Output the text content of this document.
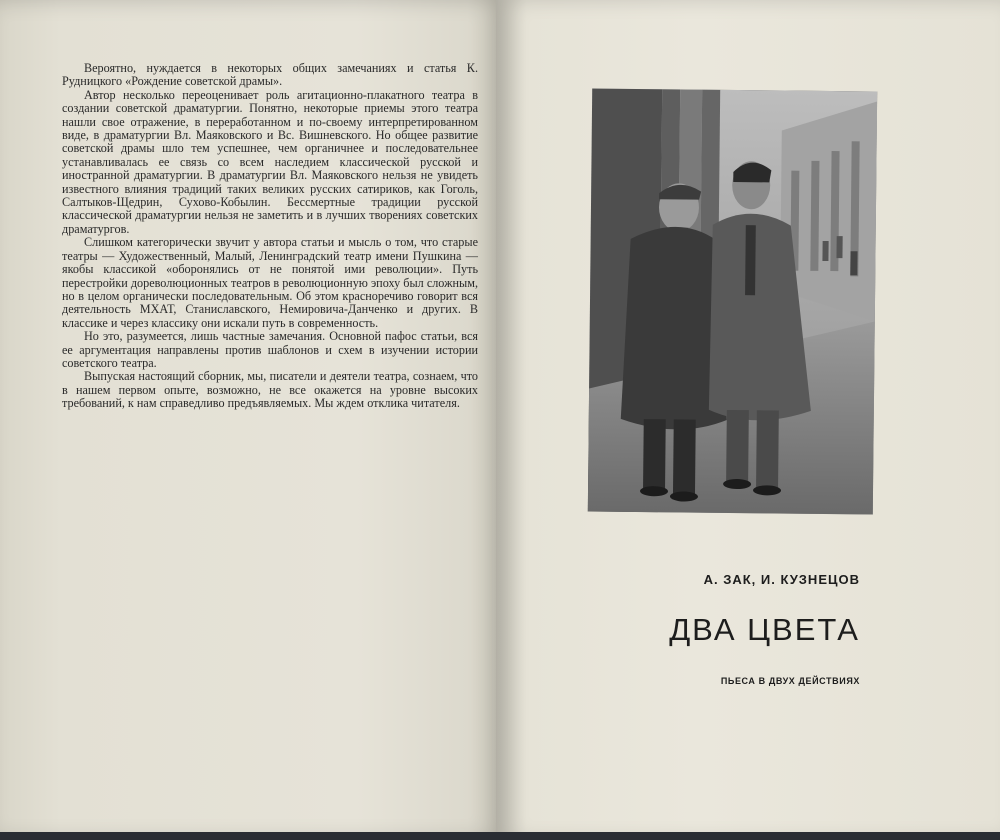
Вероятно, нуждается в некоторых общих замечаниях и статья К. Рудницкого «Рождение советской драмы».

Автор несколько переоценивает роль агитационно-плакатного театра в создании советской драматургии. Понятно, некоторые приемы этого театра нашли свое отражение, в переработанном и по-своему интерпретированном виде, в драматургии Вл. Маяковского и Вс. Вишневского. Но общее развитие советской драмы шло тем успешнее, чем органичнее и последовательнее устанавливалась ее связь со всем наследием классической русской и иностранной драматургии. В драматургии Вл. Маяковского нельзя не увидеть известного влияния традиций таких великих русских сатириков, как Гоголь, Салтыков-Щедрин, Сухово-Кобылин. Бессмертные традиции русской классической драматургии нельзя не заметить и в лучших творениях советских драматургов.

Слишком категорически звучит у автора статьи и мысль о том, что старые театры — Художественный, Малый, Ленинградский театр имени Пушкина — якобы классикой «оборонялись от не понятой ими революции». Путь перестройки дореволюционных театров в революционную эпоху был сложным, но в целом органически последовательным. Об этом красноречиво говорит вся деятельность МХАТ, Станиславского, Немировича-Данченко и других. В классике и через классику они искали путь в современность.

Но это, разумеется, лишь частные замечания. Основной пафос статьи, вся ее аргументация направлены против шаблонов и схем в изучении истории советского театра.

Выпуская настоящий сборник, мы, писатели и деятели театра, сознаем, что в нашем первом опыте, возможно, не все окажется на уровне высоких требований, к нам справедливо предъявляемых. Мы ждем отклика читателя.

А. ЗАК, И. КУЗНЕЦОВ
ДВА ЦВЕТА
ПЬЕСА В ДВУХ ДЕЙСТВИЯХ
